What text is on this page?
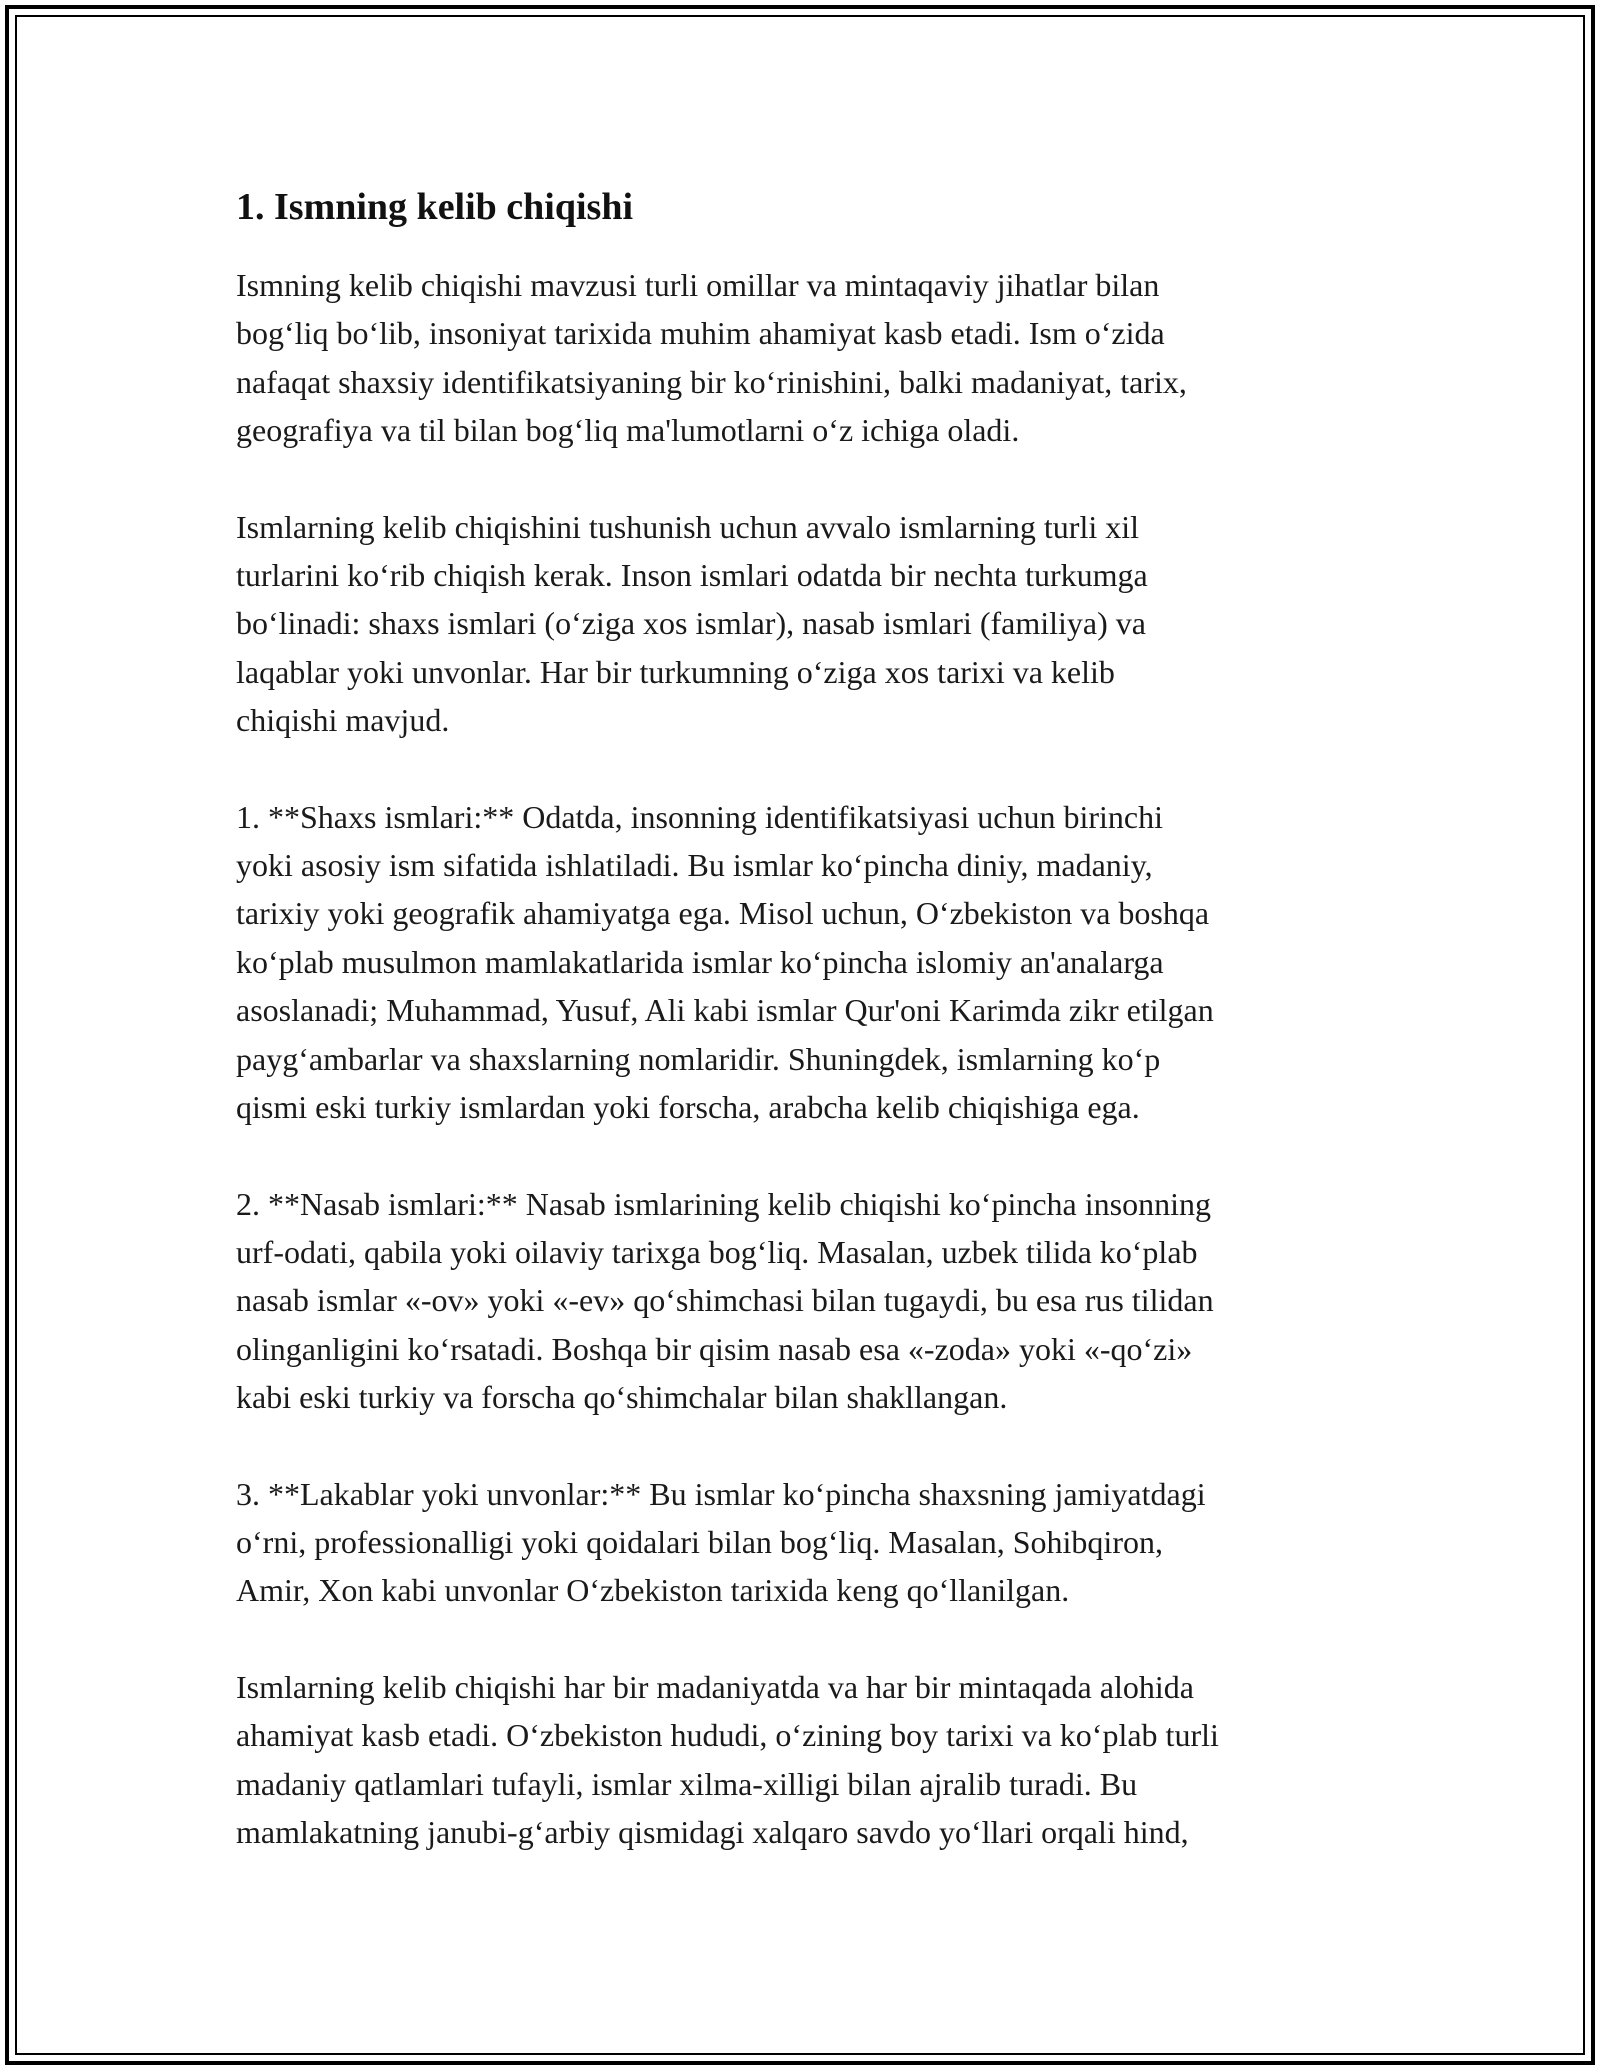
1. Ismning kelib chiqishi

Ismning kelib chiqishi mavzusi turli omillar va mintaqaviy jihatlar bilan
bog‘liq bo‘lib, insoniyat tarixida muhim ahamiyat kasb etadi. Ism o‘zida
nafaqat shaxsiy identifikatsiyaning bir ko‘rinishini, balki madaniyat, tarix,
geografiya va til bilan bog‘liq ma'lumotlarni o‘z ichiga oladi.

Ismlarning kelib chiqishini tushunish uchun avvalo ismlarning turli xil
turlarini ko‘rib chiqish kerak. Inson ismlari odatda bir nechta turkumga
bo‘linadi: shaxs ismlari (o‘ziga xos ismlar), nasab ismlari (familiya) va
laqablar yoki unvonlar. Har bir turkumning o‘ziga xos tarixi va kelib
chiqishi mavjud.

1. **Shaxs ismlari:** Odatda, insonning identifikatsiyasi uchun birinchi
yoki asosiy ism sifatida ishlatiladi. Bu ismlar ko‘pincha diniy, madaniy,
tarixiy yoki geografik ahamiyatga ega. Misol uchun, O‘zbekiston va boshqa
ko‘plab musulmon mamlakatlarida ismlar ko‘pincha islomiy an'analarga
asoslanadi; Muhammad, Yusuf, Ali kabi ismlar Qur'oni Karimda zikr etilgan
payg‘ambarlar va shaxslarning nomlaridir. Shuningdek, ismlarning ko‘p
qismi eski turkiy ismlardan yoki forscha, arabcha kelib chiqishiga ega.

2. **Nasab ismlari:** Nasab ismlarining kelib chiqishi ko‘pincha insonning
urf-odati, qabila yoki oilaviy tarixga bog‘liq. Masalan, uzbek tilida ko‘plab
nasab ismlar «-ov» yoki «-ev» qo‘shimchasi bilan tugaydi, bu esa rus tilidan
olinganligini ko‘rsatadi. Boshqa bir qisim nasab esa «-zoda» yoki «-qo‘zi»
kabi eski turkiy va forscha qo‘shimchalar bilan shakllangan.

3. **Lakablar yoki unvonlar:** Bu ismlar ko‘pincha shaxsning jamiyatdagi
o‘rni, professionalligi yoki qoidalari bilan bog‘liq. Masalan, Sohibqiron,
Amir, Xon kabi unvonlar O‘zbekiston tarixida keng qo‘llanilgan.

Ismlarning kelib chiqishi har bir madaniyatda va har bir mintaqada alohida
ahamiyat kasb etadi. O‘zbekiston hududi, o‘zining boy tarixi va ko‘plab turli
madaniy qatlamlari tufayli, ismlar xilma-xilligi bilan ajralib turadi. Bu
mamlakatning janubi-g‘arbiy qismidagi xalqaro savdo yo‘llari orqali hind,
